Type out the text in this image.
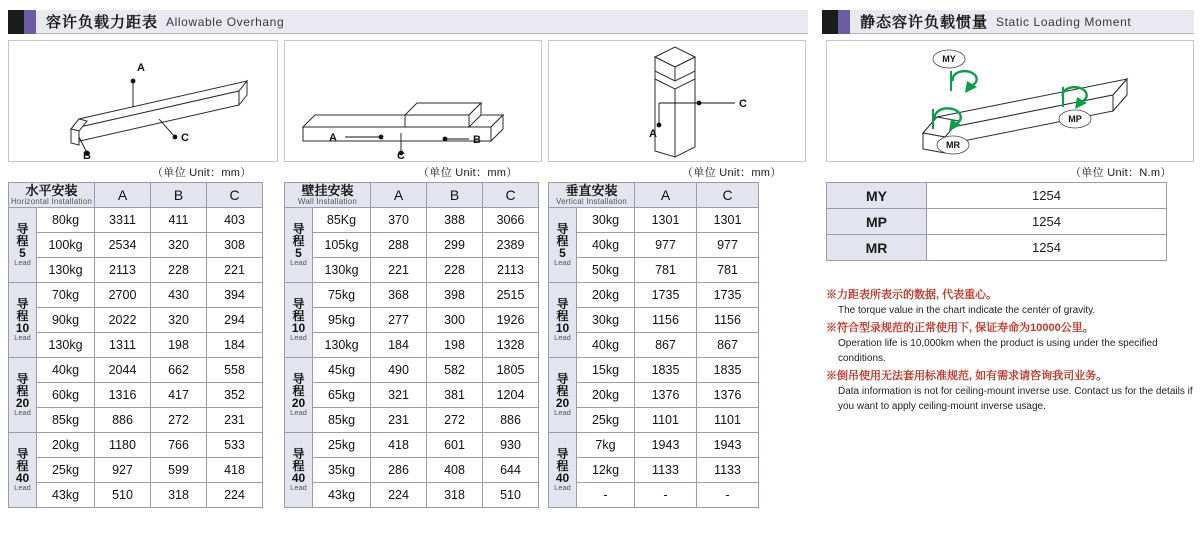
容许负载力距表 Allowable Overhang	静态容许负载惯量 Static Loading Moment
A
C
B
（单位 Unit：mm）
B
C
A
（单位 Unit：mm）
C
A
（单位 Unit：mm）
MY
MP
MR
（单位 Unit：N.m）
水平安装
Horizontal Installation		A	B	C

导
程
5
Lead	80kg	3311	411	403
	100kg	2534	320	308
	130kg	2113	228	221

导
程
10
Lead	70kg	2700	430	394
	90kg	2022	320	294
	130kg	1311	198	184

导
程
20
Lead	40kg	2044	662	558
	60kg	1316	417	352
	85kg	886	272	231

导
程
40
Lead	20kg	1180	766	533
	25kg	927	599	418
	43kg	510	318	224
壁挂安装
Wall Installation		A	B	C

导
程
5
Lead	85Kg	370	388	3066
	105kg	288	299	2389
	130kg	221	228	2113

导
程
10
Lead	75kg	368	398	2515
	95kg	277	300	1926
	130kg	184	198	1328

导
程
20
Lead	45kg	490	582	1805
	65kg	321	381	1204
	85kg	231	272	886

导
程
40
Lead	25kg	418	601	930
	35kg	286	408	644
	43kg	224	318	510
垂直安装
Vertical Installation		A	C

导
程
5
Lead	30kg	1301	1301
	40kg	977	977
	50kg	781	781

导
程
10
Lead	20kg	1735	1735
	30kg	1156	1156
	40kg	867	867

导
程
20
Lead	15kg	1835	1835
	20kg	1376	1376
	25kg	1101	1101

导
程
40
Lead	7kg	1943	1943
	12kg	1133	1133
	-	-	-
MY	1254
MP	1254
MR	1254
※力距表所表示的数据, 代表重心。
The torque value in the chart indicate the center of gravity.
※符合型录规范的正常使用下, 保证寿命为10000公里。
Operation life is 10,000km when the product is using under the specified conditions.
※倒吊使用无法套用标准规范, 如有需求请咨询我司业务。
Data information is not for ceiling-mount inverse use. Contact us for the details if you want to apply ceiling-mount inverse usage.
